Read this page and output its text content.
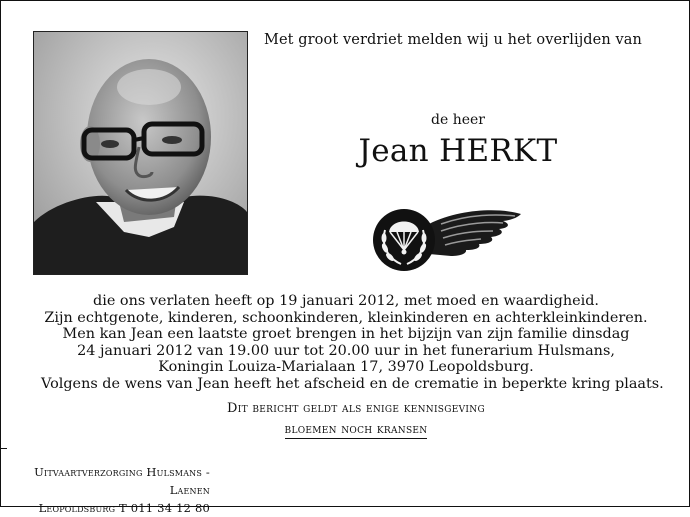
Met groot verdriet melden wij u het overlijden van
de heer
Jean HERKT
die ons verlaten heeft op 19 januari 2012, met moed en waardigheid.
Zijn echtgenote, kinderen, schoonkinderen, kleinkinderen en achterkleinkinderen.
Men kan Jean een laatste groet brengen in het bijzijn van zijn familie dinsdag
24 januari 2012 van 19.00 uur tot 20.00 uur in het funerarium Hulsmans,
Koningin Louiza-Marialaan 17, 3970 Leopoldsburg.
Volgens de wens van Jean heeft het afscheid en de crematie in beperkte kring plaats.
Dit bericht geldt als enige kennisgeving
bloemen noch kransen
Uitvaartverzorging Hulsmans - Laenen
Leopoldsburg T 011 34 12 80
